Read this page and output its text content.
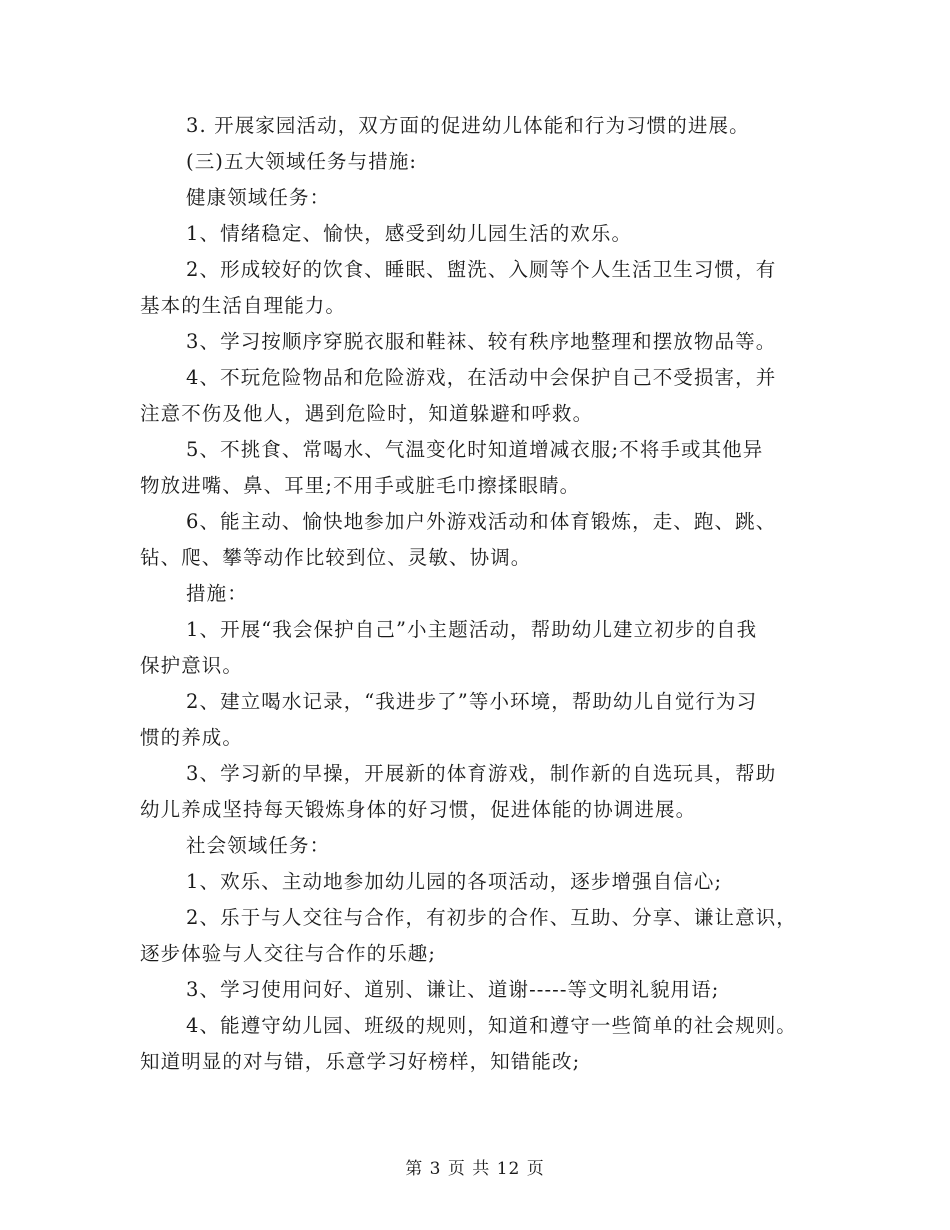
3. 开展家园活动，双方面的促进幼儿体能和行为习惯的进展。

(三)五大领域任务与措施:

健康领域任务：

1、情绪稳定、愉快，感受到幼儿园生活的欢乐。

2、形成较好的饮食、睡眠、盥洗、入厕等个人生活卫生习惯，有

基本的生活自理能力。

3、学习按顺序穿脱衣服和鞋袜、较有秩序地整理和摆放物品等。

4、不玩危险物品和危险游戏，在活动中会保护自己不受损害，并

注意不伤及他人，遇到危险时，知道躲避和呼救。

5、不挑食、常喝水、气温变化时知道增减衣服;不将手或其他异

物放进嘴、鼻、耳里;不用手或脏毛巾擦揉眼睛。

6、能主动、愉快地参加户外游戏活动和体育锻炼，走、跑、跳、

钻、爬、攀等动作比较到位、灵敏、协调。

措施：

1、开展“我会保护自己”小主题活动，帮助幼儿建立初步的自我

保护意识。

2、建立喝水记录，“我进步了”等小环境，帮助幼儿自觉行为习

惯的养成。

3、学习新的早操，开展新的体育游戏，制作新的自选玩具，帮助

幼儿养成坚持每天锻炼身体的好习惯，促进体能的协调进展。

社会领域任务：

1、欢乐、主动地参加幼儿园的各项活动，逐步增强自信心;

2、乐于与人交往与合作，有初步的合作、互助、分享、谦让意识，

逐步体验与人交往与合作的乐趣;

3、学习使用问好、道别、谦让、道谢-----等文明礼貌用语;

4、能遵守幼儿园、班级的规则，知道和遵守一些简单的社会规则。

知道明显的对与错，乐意学习好榜样，知错能改;

第 3 页 共 12 页
